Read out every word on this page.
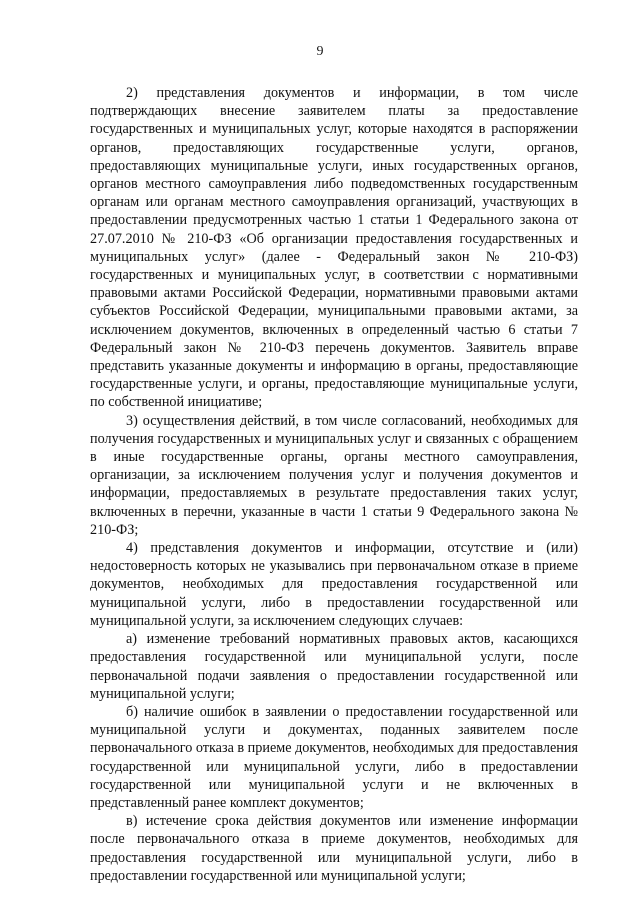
9

2) представления документов и информации, в том числе подтверждающих внесение заявителем платы за предоставление государственных и муниципальных услуг, которые находятся в распоряжении органов, предоставляющих государственные услуги, органов, предоставляющих муниципальные услуги, иных государственных органов, органов местного самоуправления либо подведомственных государственным органам или органам местного самоуправления организаций, участвующих в предоставлении предусмотренных частью 1 статьи 1 Федерального закона от 27.07.2010 № 210-ФЗ «Об организации предоставления государственных и муниципальных услуг» (далее - Федеральный закон № 210-ФЗ) государственных и муниципальных услуг, в соответствии с нормативными правовыми актами Российской Федерации, нормативными правовыми актами субъектов Российской Федерации, муниципальными правовыми актами, за исключением документов, включенных в определенный частью 6 статьи 7 Федеральный закон № 210-ФЗ перечень документов. Заявитель вправе представить указанные документы и информацию в органы, предоставляющие государственные услуги, и органы, предоставляющие муниципальные услуги, по собственной инициативе;

3) осуществления действий, в том числе согласований, необходимых для получения государственных и муниципальных услуг и связанных с обращением в иные государственные органы, органы местного самоуправления, организации, за исключением получения услуг и получения документов и информации, предоставляемых в результате предоставления таких услуг, включенных в перечни, указанные в части 1 статьи 9 Федерального закона № 210-ФЗ;

4) представления документов и информации, отсутствие и (или) недостоверность которых не указывались при первоначальном отказе в приеме документов, необходимых для предоставления государственной или муниципальной услуги, либо в предоставлении государственной или муниципальной услуги, за исключением следующих случаев:

а) изменение требований нормативных правовых актов, касающихся предоставления государственной или муниципальной услуги, после первоначальной подачи заявления о предоставлении государственной или муниципальной услуги;

б) наличие ошибок в заявлении о предоставлении государственной или муниципальной услуги и документах, поданных заявителем после первоначального отказа в приеме документов, необходимых для предоставления государственной или муниципальной услуги, либо в предоставлении государственной или муниципальной услуги и не включенных в представленный ранее комплект документов;

в) истечение срока действия документов или изменение информации после первоначального отказа в приеме документов, необходимых для предоставления государственной или муниципальной услуги, либо в предоставлении государственной или муниципальной услуги;
